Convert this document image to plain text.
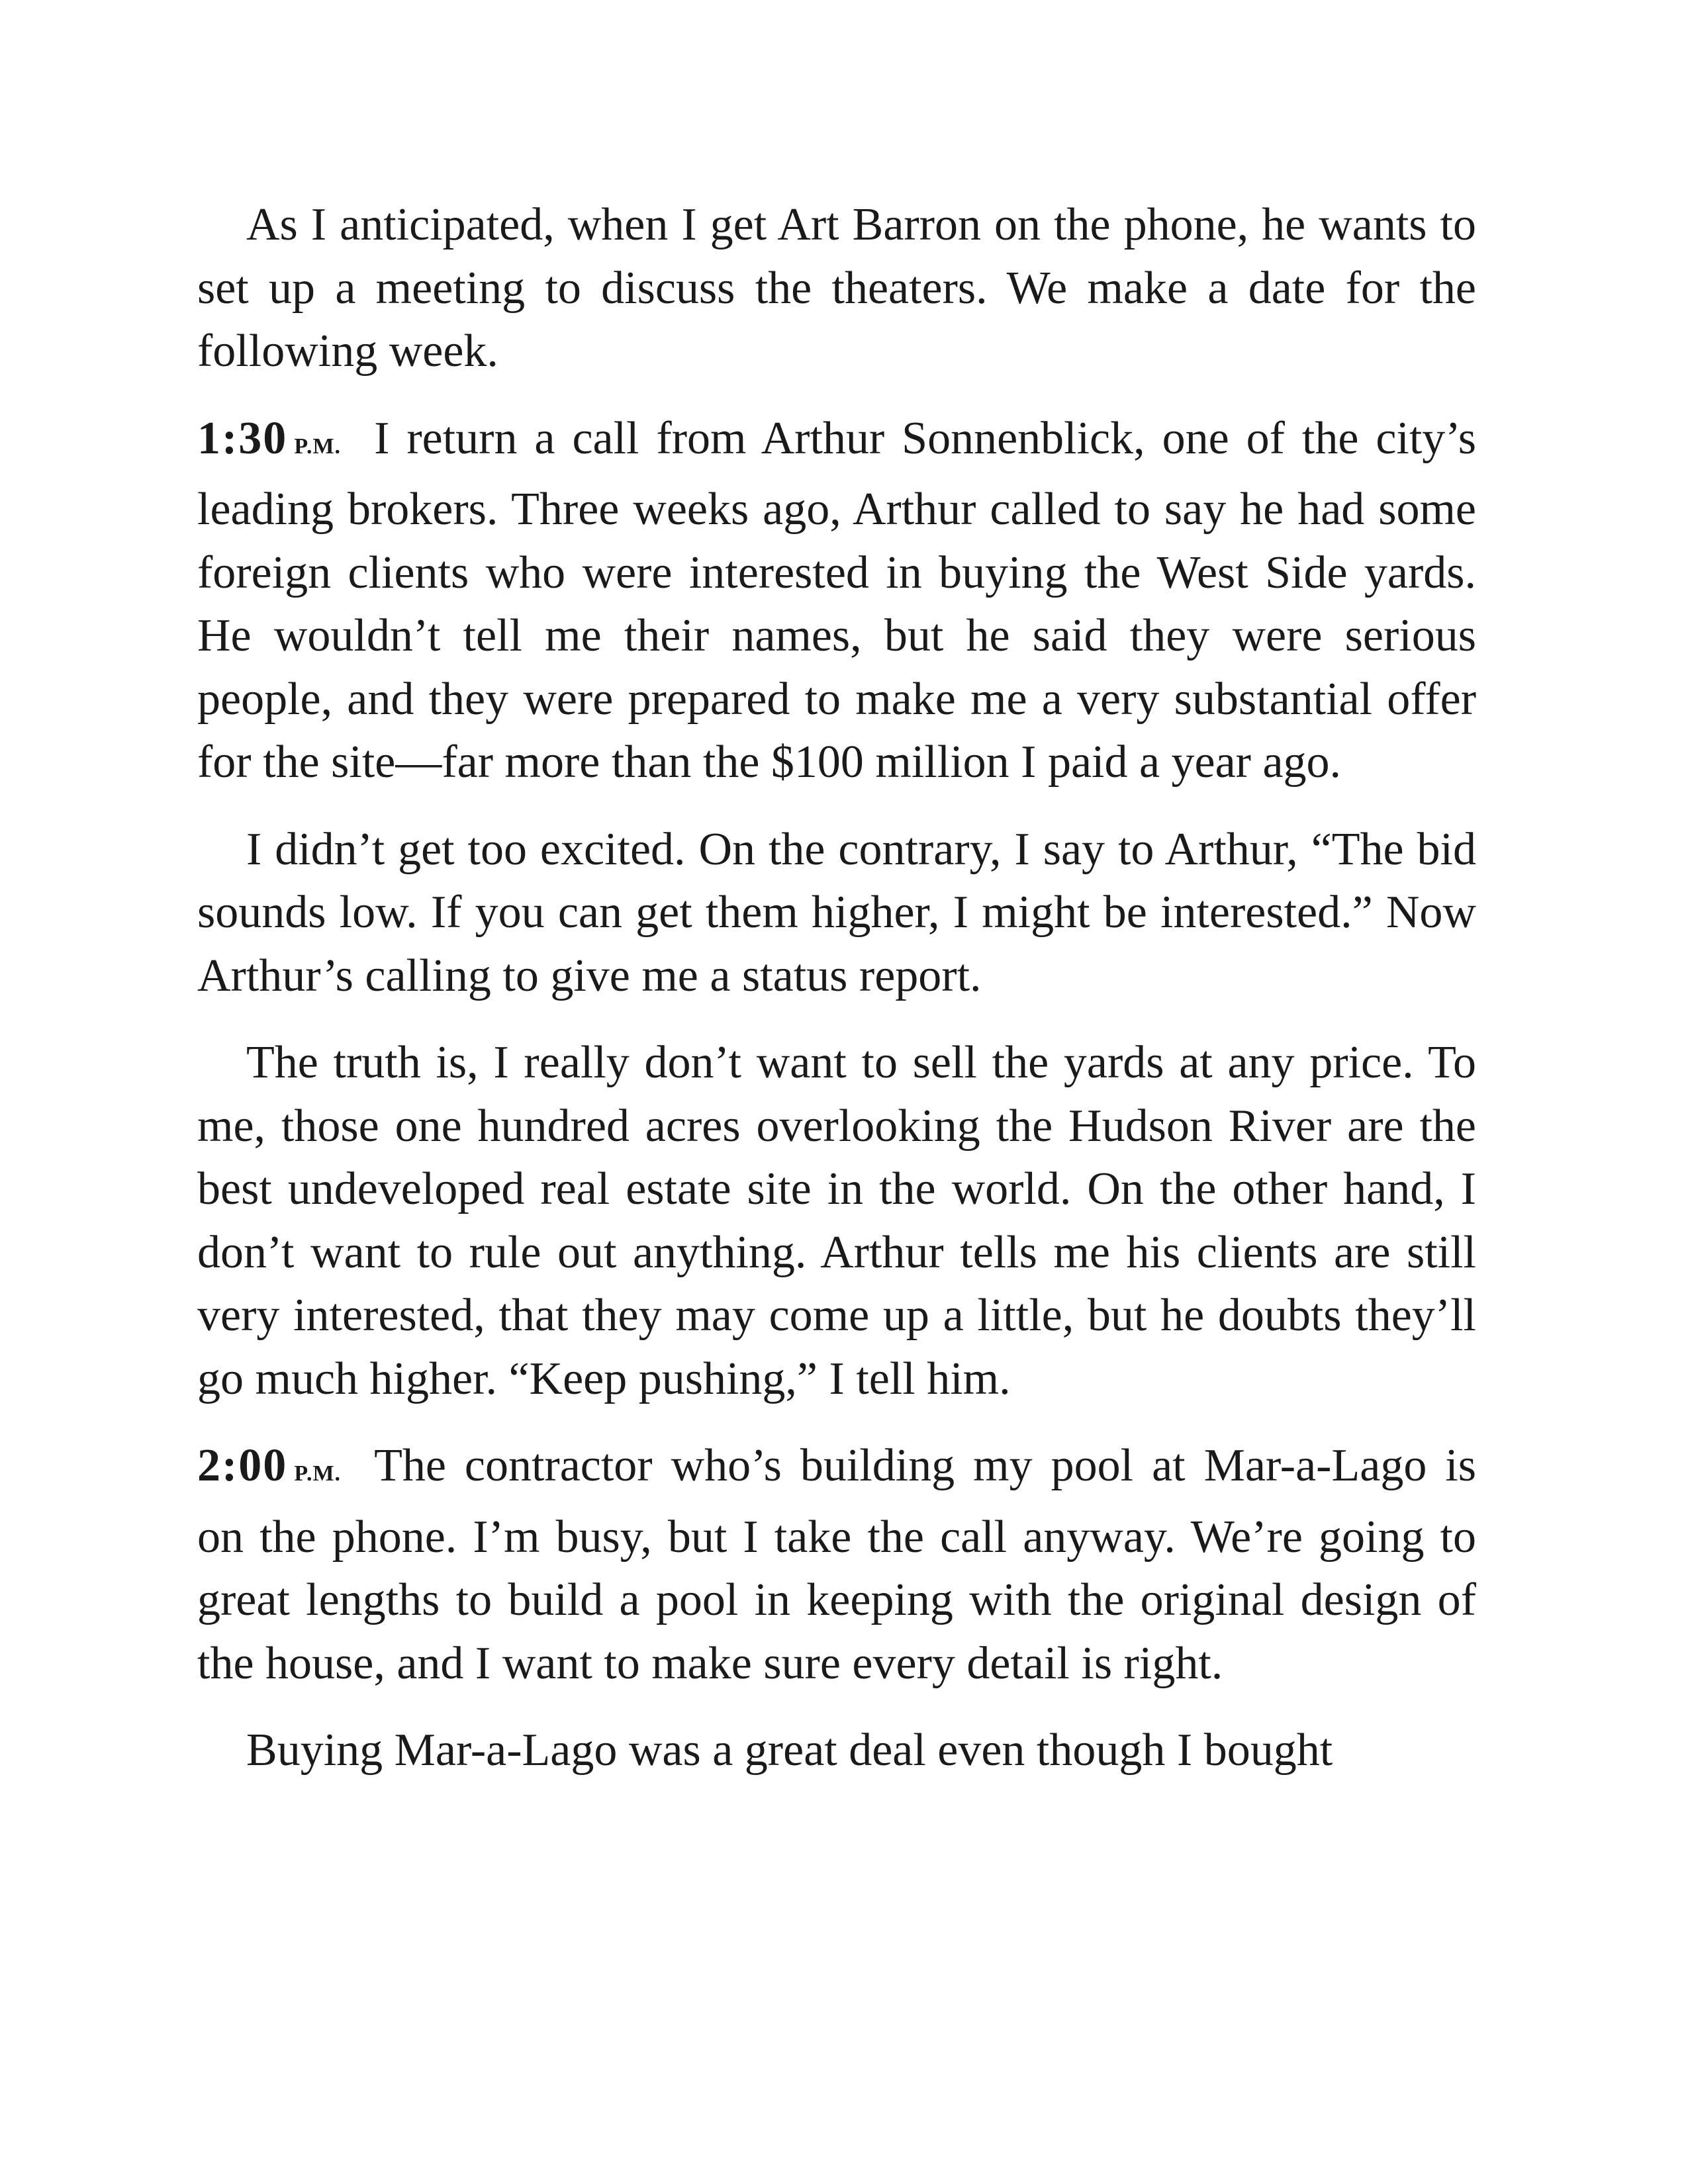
As I anticipated, when I get Art Barron on the phone, he wants to set up a meeting to discuss the theaters. We make a date for the following week.

1:30 P.M. I return a call from Arthur Sonnenblick, one of the city’s leading brokers. Three weeks ago, Arthur called to say he had some foreign clients who were interested in buying the West Side yards. He wouldn’t tell me their names, but he said they were serious people, and they were prepared to make me a very substantial offer for the site—far more than the $100 million I paid a year ago.

I didn’t get too excited. On the contrary, I say to Arthur, “The bid sounds low. If you can get them higher, I might be interested.” Now Arthur’s calling to give me a status report.

The truth is, I really don’t want to sell the yards at any price. To me, those one hundred acres overlooking the Hudson River are the best undeveloped real estate site in the world. On the other hand, I don’t want to rule out anything. Arthur tells me his clients are still very interested, that they may come up a little, but he doubts they’ll go much higher. “Keep pushing,” I tell him.

2:00 P.M. The contractor who’s building my pool at Mar-a-Lago is on the phone. I’m busy, but I take the call anyway. We’re going to great lengths to build a pool in keeping with the original design of the house, and I want to make sure every detail is right.

Buying Mar-a-Lago was a great deal even though I bought
